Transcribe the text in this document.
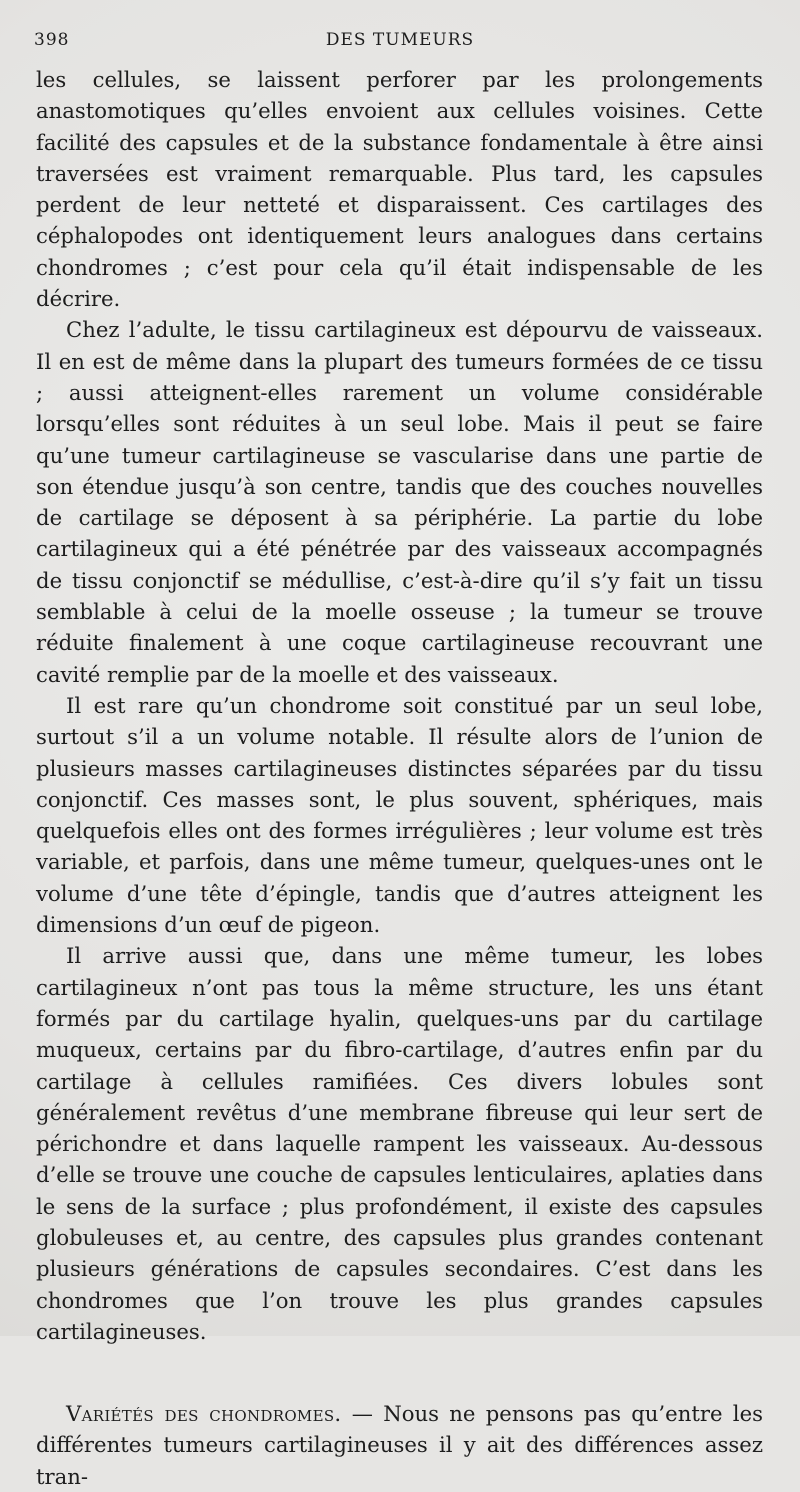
398	DES TUMEURS

les cellules, se laissent perforer par les prolongements anastomotiques qu’elles envoient aux cellules voisines. Cette facilité des capsules et de la substance fondamentale à être ainsi traversées est vraiment remarquable. Plus tard, les capsules perdent de leur netteté et disparaissent. Ces cartilages des céphalopodes ont identiquement leurs analogues dans certains chondromes ; c’est pour cela qu’il était indispensable de les décrire.

Chez l’adulte, le tissu cartilagineux est dépourvu de vaisseaux. Il en est de même dans la plupart des tumeurs formées de ce tissu ; aussi atteignent-elles rarement un volume considérable lorsqu’elles sont réduites à un seul lobe. Mais il peut se faire qu’une tumeur cartilagineuse se vascularise dans une partie de son étendue jusqu’à son centre, tandis que des couches nouvelles de cartilage se déposent à sa périphérie. La partie du lobe cartilagineux qui a été pénétrée par des vaisseaux accompagnés de tissu conjonctif se médullise, c’est-à-dire qu’il s’y fait un tissu semblable à celui de la moelle osseuse ; la tumeur se trouve réduite finalement à une coque cartilagineuse recouvrant une cavité remplie par de la moelle et des vaisseaux.

Il est rare qu’un chondrome soit constitué par un seul lobe, surtout s’il a un volume notable. Il résulte alors de l’union de plusieurs masses cartilagineuses distinctes séparées par du tissu conjonctif. Ces masses sont, le plus souvent, sphériques, mais quelquefois elles ont des formes irrégulières ; leur volume est très variable, et parfois, dans une même tumeur, quelques-unes ont le volume d’une tête d’épingle, tandis que d’autres atteignent les dimensions d’un œuf de pigeon.

Il arrive aussi que, dans une même tumeur, les lobes cartilagineux n’ont pas tous la même structure, les uns étant formés par du cartilage hyalin, quelques-uns par du cartilage muqueux, certains par du fibro-cartilage, d’autres enfin par du cartilage à cellules ramifiées. Ces divers lobules sont généralement revêtus d’une membrane fibreuse qui leur sert de périchondre et dans laquelle rampent les vaisseaux. Au-dessous d’elle se trouve une couche de capsules lenticulaires, aplaties dans le sens de la surface ; plus profondément, il existe des capsules globuleuses et, au centre, des capsules plus grandes contenant plusieurs générations de capsules secondaires. C’est dans les chondromes que l’on trouve les plus grandes capsules cartilagineuses.

Variétés des chondromes. — Nous ne pensons pas qu’entre les différentes tumeurs cartilagineuses il y ait des différences assez tran-
